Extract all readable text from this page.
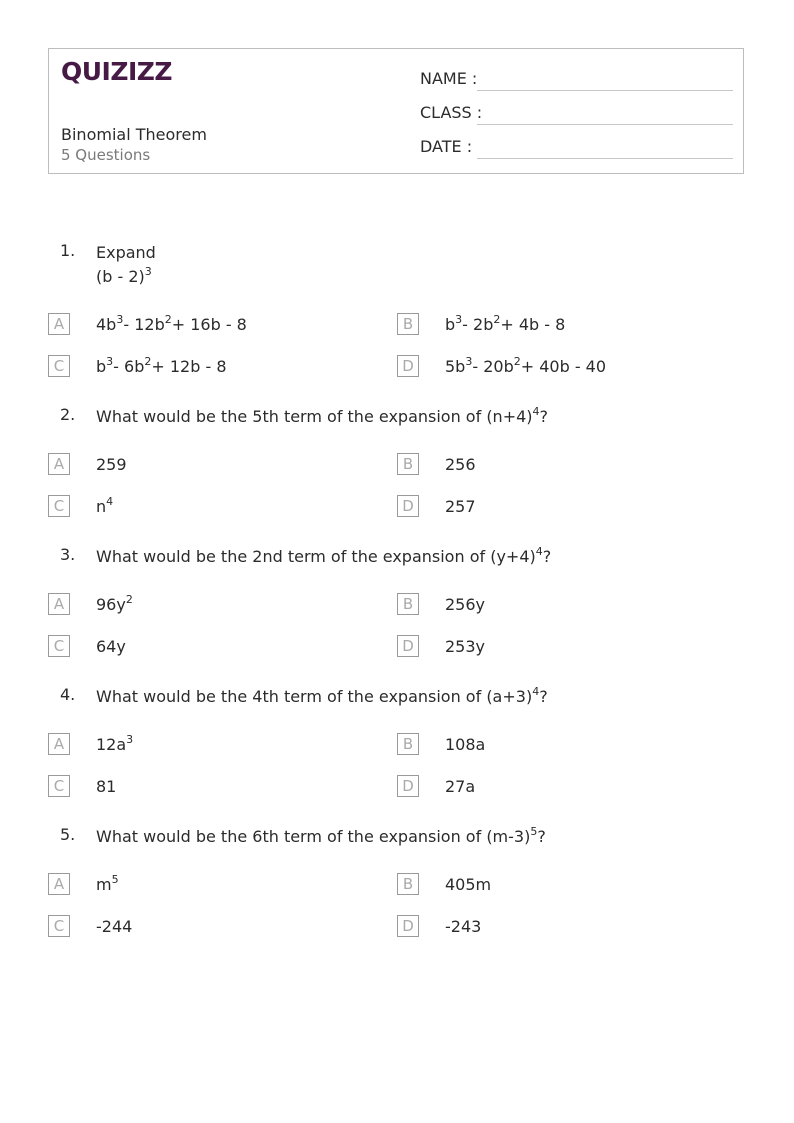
QUIZIZZ
Binomial Theorem
5 Questions
NAME :
CLASS :
DATE :
1. Expand
(b - 2)$^3$
A	$4b^3-$ $12b^2+ 16b - 8$	B	$b^3-$ $2b^2+ 4b - 8$
C	$b^3-$ $6b^2+ 12b - 8$	D	$5b^3-$ $20b^2+ 40b - 40$
2. What would be the 5th term of the expansion of $(n+4)^4$?
A	259	B	256
C	$n^4$	D	257
3. What would be the 2nd term of the expansion of $(y+4)^4$?
A	$96y^2$	B	256y
C	64y	D	253y
4. What would be the 4th term of the expansion of $(a+3)^4$?
A	$12a^3$	B	108a
C	81	D	27a
5. What would be the 6th term of the expansion of $(m-3)^5$?
A	$m^5$	B	405m
C	-244	D	-243
